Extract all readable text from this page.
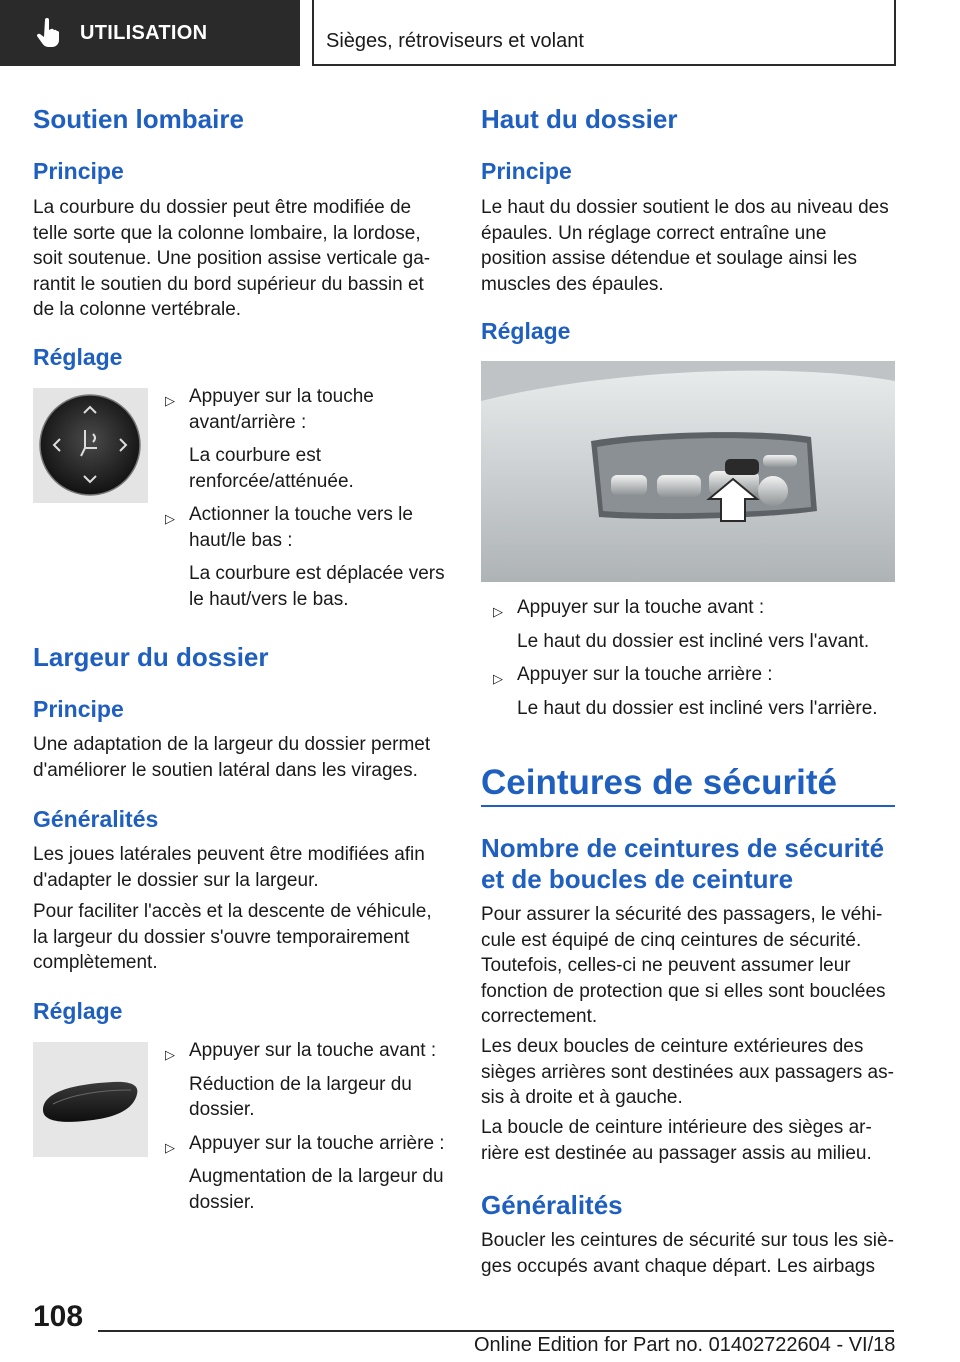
UTILISATION	Sièges, rétroviseurs et volant
Soutien lombaire
Principe

La courbure du dossier peut être modifiée de telle sorte que la colonne lombaire, la lordose, soit soutenue. Une position assise verticale garantit le soutien du bord supérieur du bassin et de la colonne vertébrale.

Réglage
▷ Appuyer sur la touche avant/arrière :
La courbure est renforcée/atténuée.
▷ Actionner la touche vers le haut/le bas :
La courbure est déplacée vers le haut/vers le bas.
Largeur du dossier
Principe

Une adaptation de la largeur du dossier permet d'améliorer le soutien latéral dans les virages.

Généralités

Les joues latérales peuvent être modifiées afin d'adapter le dossier sur la largeur.

Pour faciliter l'accès et la descente de véhicule, la largeur du dossier s'ouvre temporairement complètement.

Réglage
▷ Appuyer sur la touche avant :
Réduction de la largeur du dossier.
▷ Appuyer sur la touche arrière :
Augmentation de la largeur du dossier.
Haut du dossier
Principe

Le haut du dossier soutient le dos au niveau des épaules. Un réglage correct entraîne une position assise détendue et soulage ainsi les muscles des épaules.

Réglage
▷ Appuyer sur la touche avant :
Le haut du dossier est incliné vers l'avant.
▷ Appuyer sur la touche arrière :
Le haut du dossier est incliné vers l'arrière.
Ceintures de sécurité
Nombre de ceintures de sécurité et de boucles de ceinture

Pour assurer la sécurité des passagers, le véhicule est équipé de cinq ceintures de sécurité. Toutefois, celles-ci ne peuvent assumer leur fonction de protection que si elles sont bouclées correctement.

Les deux boucles de ceinture extérieures des sièges arrières sont destinées aux passagers assis à droite et à gauche.

La boucle de ceinture intérieure des sièges arrière est destinée au passager assis au milieu.

Généralités

Boucler les ceintures de sécurité sur tous les sièges occupés avant chaque départ. Les airbags

108
Online Edition for Part no. 01402722604 - VI/18
